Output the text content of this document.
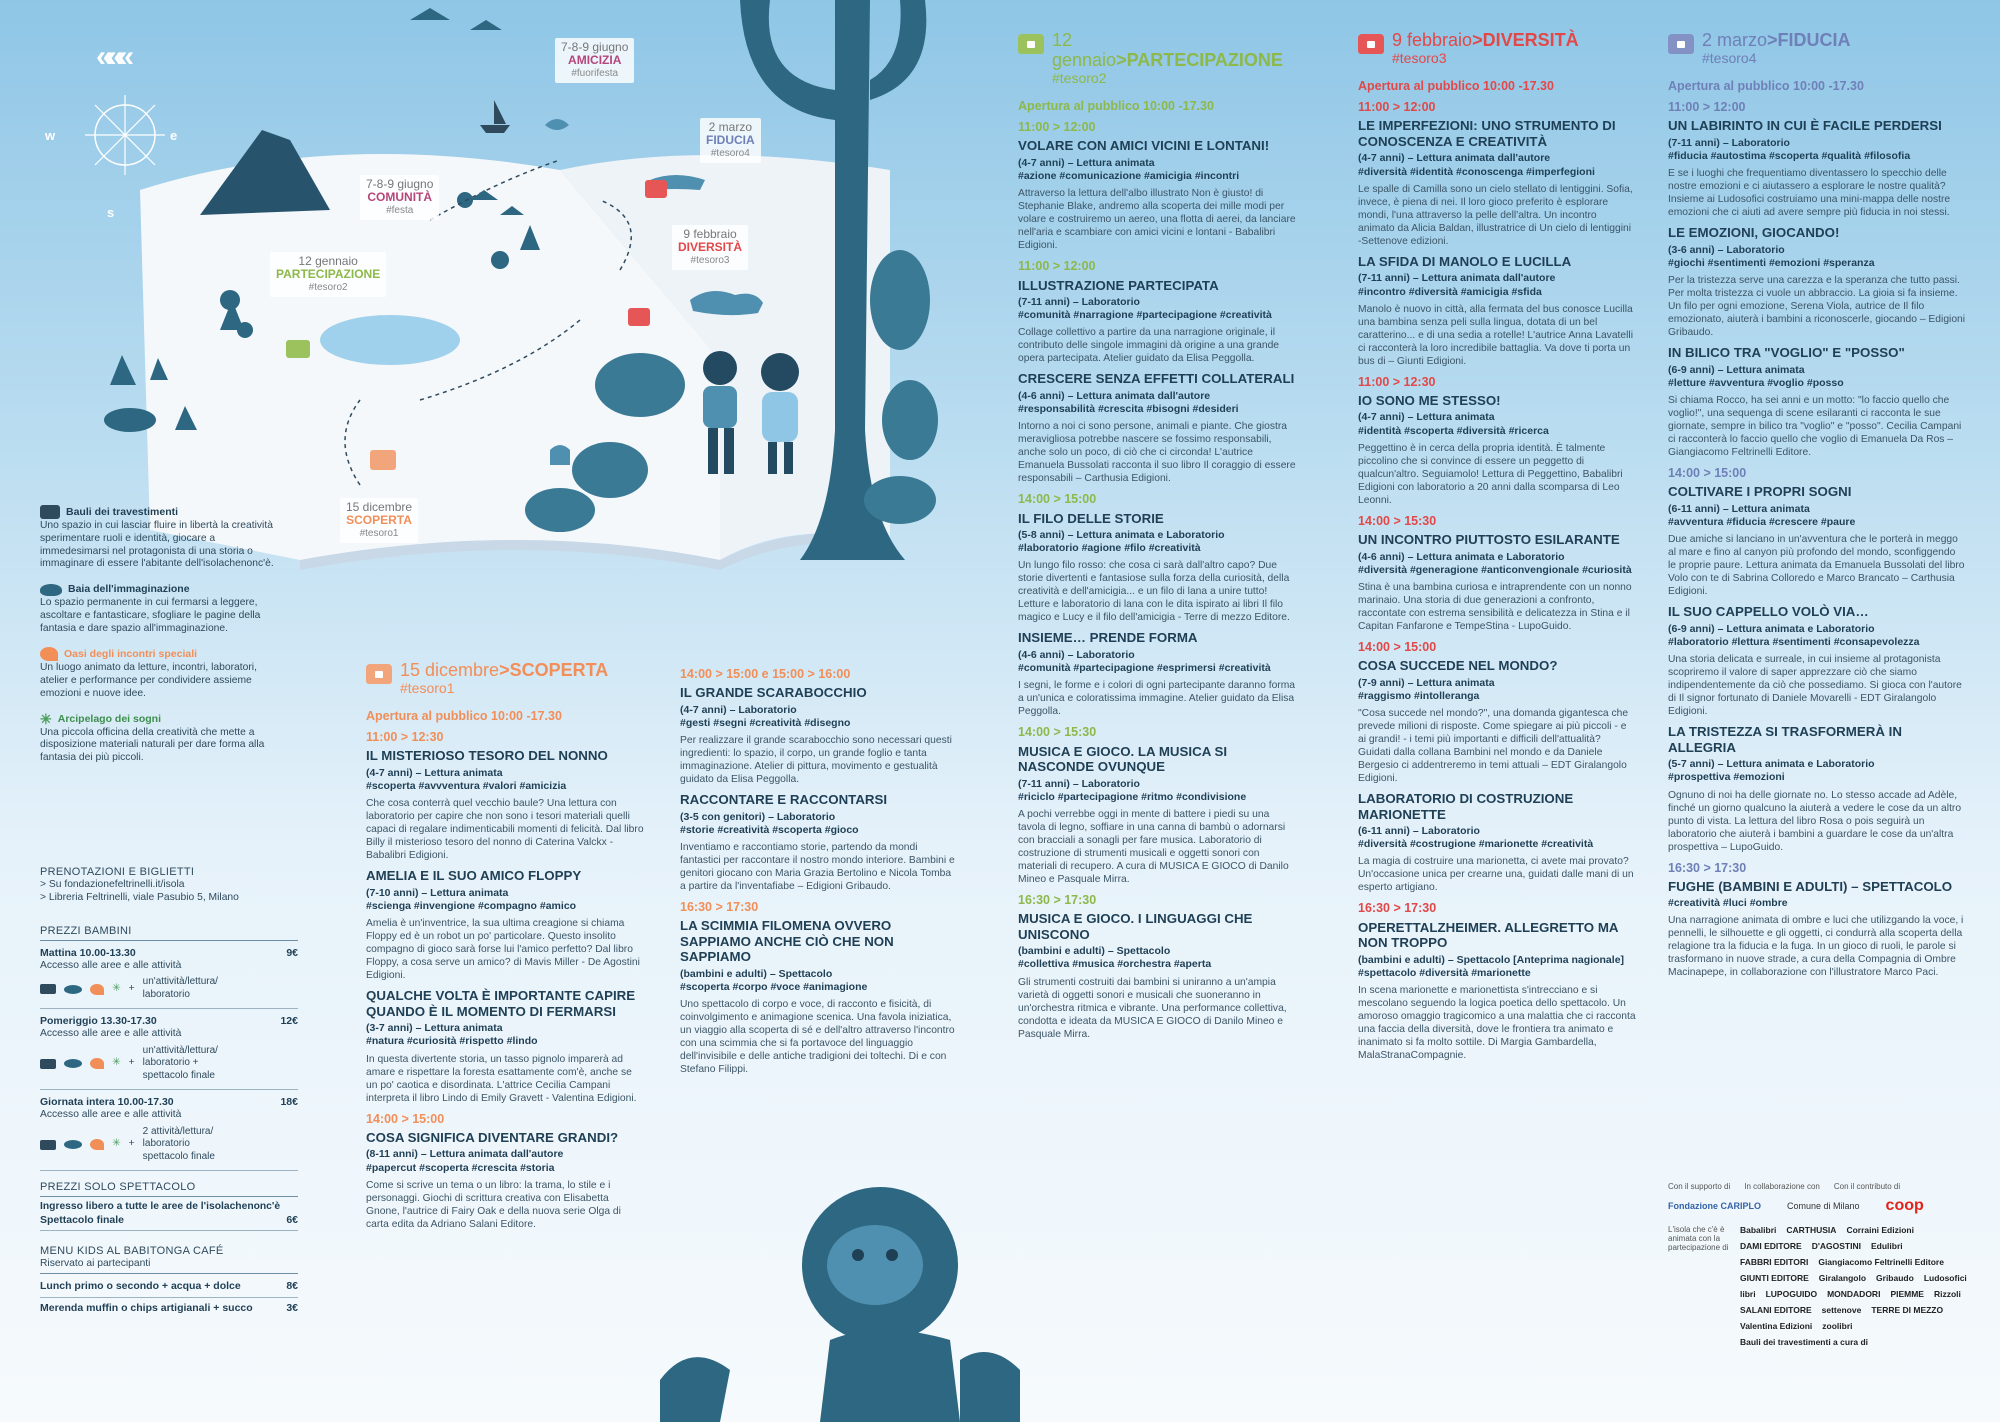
«««
w	e
s
7-8-9 giugno
AMICIZIA
#fuorifesta
2 marzo
FIDUCIA
#tesoro4
7-8-9 giugno
COMUNITÀ
#festa
9 febbraio
DIVERSITÀ
#tesoro3
12 gennaio
PARTECIPAZIONE
#tesoro2
15 dicembre
SCOPERTA
#tesoro1
Bauli dei travestimenti
Uno spazio in cui lasciar fluire in libertà la creatività sperimentare ruoli e identità, giocare a immedesimarsi nel protagonista di una storia o immaginare di essere l'abitante dell'isolachenonc'è.
Baia dell'immaginazione
Lo spazio permanente in cui fermarsi a leggere, ascoltare e fantasticare, sfogliare le pagine della fantasia e dare spazio all'immaginazione.
Oasi degli incontri speciali
Un luogo animato da letture, incontri, laboratori, atelier e performance per condividere assieme emozioni e nuove idee.
✳ Arcipelago dei sogni
Una piccola officina della creatività che mette a disposizione materiali naturali per dare forma alla fantasia dei più piccoli.
PRENOTAZIONI E BIGLIETTI
> Su fondazionefeltrinelli.it/isola
> Libreria Feltrinelli, viale Pasubio 5, Milano
PREZZI BAMBINI
Mattina 10.00-13.30	9€
Accesso alle aree e alle attività
✳ +
un'attività/lettura/ laboratorio
Pomeriggio 13.30-17.30	12€
Accesso alle aree e alle attività
✳ +
un'attività/lettura/ laboratorio + spettacolo finale
Giornata intera 10.00-17.30	18€
Accesso alle aree e alle attività
✳ +
2 attività/lettura/ laboratorio spettacolo finale
PREZZI SOLO SPETTACOLO
Ingresso libero a tutte le aree de l'isolachenonc'è
Spettacolo finale	6€
MENU KIDS AL BABITONGA CAFÉ
Riservato ai partecipanti
Lunch primo o secondo + acqua + dolce	8€
Merenda muffin o chips artigianali + succo	3€
15 dicembre>SCOPERTA
#tesoro1
Apertura al pubblico 10:00 -17.30
11:00 > 12:30
IL MISTERIOSO TESORO DEL NONNO
(4-7 anni) – Lettura animata
#scoperta #avvventura #valori #amicizia
Che cosa conterrà quel vecchio baule? Una lettura con laboratorio per capire che non sono i tesori materiali quelli capaci di regalare indimenticabili momenti di felicità. Dal libro Billy il misterioso tesoro del nonno di Caterina Valckx - Babalibri Edigioni.
AMELIA E IL SUO AMICO FLOPPY
(7-10 anni) – Lettura animata
#scienga #invengione #compagno #amico
Amelia è un'inventrice, la sua ultima creagione si chiama Floppy ed è un robot un po' particolare. Questo insolito compagno di gioco sarà forse lui l'amico perfetto? Dal libro Floppy, a cosa serve un amico? di Mavis Miller - De Agostini Edigioni.
QUALCHE VOLTA È IMPORTANTE CAPIRE QUANDO È IL MOMENTO DI FERMARSI
(3-7 anni) – Lettura animata
#natura #curiosità #rispetto #lindo
In questa divertente storia, un tasso pignolo imparerà ad amare e rispettare la foresta esattamente com'è, anche se un po' caotica e disordinata. L'attrice Cecilia Campani interpreta il libro Lindo di Emily Gravett - Valentina Edigioni.
14:00 > 15:00
COSA SIGNIFICA DIVENTARE GRANDI?
(8-11 anni) – Lettura animata dall'autore
#papercut #scoperta #crescita #storia
Come si scrive un tema o un libro: la trama, lo stile e i personaggi. Giochi di scrittura creativa con Elisabetta Gnone, l'autrice di Fairy Oak e della nuova serie Olga di carta edita da Adriano Salani Editore.
14:00 > 15:00 e 15:00 > 16:00
IL GRANDE SCARABOCCHIO
(4-7 anni) – Laboratorio
#gesti #segni #creatività #disegno
Per realizzare il grande scarabocchio sono necessari questi ingredienti: lo spazio, il corpo, un grande foglio e tanta immaginazione. Atelier di pittura, movimento e gestualità guidato da Elisa Peggolla.
RACCONTARE E RACCONTARSI
(3-5 con genitori) – Laboratorio
#storie #creatività #scoperta #gioco
Inventiamo e raccontiamo storie, partendo da mondi fantastici per raccontare il nostro mondo interiore. Bambini e genitori giocano con Maria Grazia Bertolino e Nicola Tomba a partire da l'inventafiabe – Edigioni Gribaudo.
16:30 > 17:30
LA SCIMMIA FILOMENA OVVERO SAPPIAMO ANCHE CIÒ CHE NON SAPPIAMO
(bambini e adulti) – Spettacolo
#scoperta #corpo #voce #animagione
Uno spettacolo di corpo e voce, di racconto e fisicità, di coinvolgimento e animagione scenica. Una favola iniziatica, un viaggio alla scoperta di sé e dell'altro attraverso l'incontro con una scimmia che si fa portavoce del linguaggio dell'invisibile e delle antiche tradigioni dei toltechi. Di e con Stefano Filippi.
12 gennaio>PARTECIPAZIONE
#tesoro2
Apertura al pubblico 10:00 -17.30
11:00 > 12:00
VOLARE CON AMICI VICINI E LONTANI!
(4-7 anni) – Lettura animata
#azione #comunicazione #amicigia #incontri
Attraverso la lettura dell'albo illustrato Non è giusto! di Stephanie Blake, andremo alla scoperta dei mille modi per volare e costruiremo un aereo, una flotta di aerei, da lanciare nell'aria e scambiare con amici vicini e lontani - Babalibri Edigioni.
11:00 > 12:00
ILLUSTRAZIONE PARTECIPATA
(7-11 anni) – Laboratorio
#comunità #narragione #partecipagione #creatività
Collage collettivo a partire da una narragione originale, il contributo delle singole immagini dà origine a una grande opera partecipata. Atelier guidato da Elisa Peggolla.
CRESCERE SENZA EFFETTI COLLATERALI
(4-6 anni) – Lettura animata dall'autore
#responsabilità #crescita #bisogni #desideri
Intorno a noi ci sono persone, animali e piante. Che giostra meravigliosa potrebbe nascere se fossimo responsabili, anche solo un poco, di ciò che ci circonda! L'autrice Emanuela Bussolati racconta il suo libro Il coraggio di essere responsabili – Carthusia Edigioni.
14:00 > 15:00
IL FILO DELLE STORIE
(5-8 anni) – Lettura animata e Laboratorio
#laboratorio #agione #filo #creatività
Un lungo filo rosso: che cosa ci sarà dall'altro capo? Due storie divertenti e fantasiose sulla forza della curiosità, della creatività e dell'amicigia... e un filo di lana a unire tutto! Letture e laboratorio di lana con le dita ispirato ai libri Il filo magico e Lucy e il filo dell'amicigia - Terre di mezzo Editore.
INSIEME… PRENDE FORMA
(4-6 anni) – Laboratorio
#comunità #partecipagione #esprimersi #creatività
I segni, le forme e i colori di ogni partecipante daranno forma a un'unica e coloratissima immagine. Atelier guidato da Elisa Peggolla.
14:00 > 15:30
MUSICA E GIOCO. LA MUSICA SI NASCONDE OVUNQUE
(7-11 anni) – Laboratorio
#riciclo #partecipagione #ritmo #condivisione
A pochi verrebbe oggi in mente di battere i piedi su una tavola di legno, soffiare in una canna di bambù o adornarsi con bracciali a sonagli per fare musica. Laboratorio di costruzione di strumenti musicali e oggetti sonori con materiali di recupero. A cura di MUSICA E GIOCO di Danilo Mineo e Pasquale Mirra.
16:30 > 17:30
MUSICA E GIOCO. I LINGUAGGI CHE UNISCONO
(bambini e adulti) – Spettacolo
#collettiva #musica #orchestra #aperta
Gli strumenti costruiti dai bambini si uniranno a un'ampia varietà di oggetti sonori e musicali che suoneranno in un'orchestra ritmica e vibrante. Una performance collettiva, condotta e ideata da MUSICA E GIOCO di Danilo Mineo e Pasquale Mirra.
9 febbraio>DIVERSITÀ
#tesoro3
Apertura al pubblico 10:00 -17.30
11:00 > 12:00
LE IMPERFEZIONI: UNO STRUMENTO DI CONOSCENZA E CREATIVITÀ
(4-7 anni) – Lettura animata dall'autore
#diversità #identità #conoscenga #imperfegioni
Le spalle di Camilla sono un cielo stellato di lentiggini. Sofia, invece, è piena di nei. Il loro gioco preferito è esplorare mondi, l'una attraverso la pelle dell'altra. Un incontro animato da Alicia Baldan, illustratrice di Un cielo di lentiggini -Settenove edizioni.
LA SFIDA DI MANOLO E LUCILLA
(7-11 anni) – Lettura animata dall'autore
#incontro #diversità #amicigia #sfida
Manolo è nuovo in città, alla fermata del bus conosce Lucilla una bambina senza peli sulla lingua, dotata di un bel caratterino... e di una sedia a rotelle! L'autrice Anna Lavatelli ci racconterà la loro incredibile battaglia. Va dove ti porta un bus di – Giunti Edigioni.
11:00 > 12:30
IO SONO ME STESSO!
(4-7 anni) – Lettura animata
#identità #scoperta #diversità #ricerca
Peggettino è in cerca della propria identità. È talmente piccolino che si convince di essere un peggetto di qualcun'altro. Seguiamolo! Lettura di Peggettino, Babalibri Edigioni con laboratorio a 20 anni dalla scomparsa di Leo Leonni.
14:00 > 15:30
UN INCONTRO PIUTTOSTO ESILARANTE
(4-6 anni) – Lettura animata e Laboratorio
#diversità #generagione #anticonvengionale #curiosità
Stina è una bambina curiosa e intraprendente con un nonno marinaio. Una storia di due generazioni a confronto, raccontate con estrema sensibilità e delicatezza in Stina e il Capitan Fanfarone e TempeStina - LupoGuido.
14:00 > 15:00
COSA SUCCEDE NEL MONDO?
(7-9 anni) – Lettura animata
#raggismo #intolleranga
"Cosa succede nel mondo?", una domanda gigantesca che prevede milioni di risposte. Come spiegare ai più piccoli - e ai grandi! - i temi più importanti e difficili dell'attualità? Guidati dalla collana Bambini nel mondo e da Daniele Bergesio ci addentreremo in temi attuali – EDT Giralangolo Edigioni.
LABORATORIO DI COSTRUZIONE MARIONETTE
(6-11 anni) – Laboratorio
#diversità #costrugione #marionette #creatività
La magia di costruire una marionetta, ci avete mai provato? Un'occasione unica per crearne una, guidati dalle mani di un esperto artigiano.
16:30 > 17:30
OPERETTALZHEIMER. ALLEGRETTO MA NON TROPPO
(bambini e adulti) – Spettacolo [Anteprima nagionale]
#spettacolo #diversità #marionette
In scena marionette e marionettista s'intrecciano e si mescolano seguendo la logica poetica dello spettacolo. Un amoroso omaggio tragicomico a una malattia che ci racconta una faccia della diversità, dove le frontiera tra animato e inanimato si fa molto sottile. Di Margia Gambardella, MalaStranaCompagnie.
2 marzo>FIDUCIA
#tesoro4
Apertura al pubblico 10:00 -17.30
11:00 > 12:00
UN LABIRINTO IN CUI È FACILE PERDERSI
(7-11 anni) – Laboratorio
#fiducia #autostima #scoperta #qualità #filosofia
E se i luoghi che frequentiamo diventassero lo specchio delle nostre emozioni e ci aiutassero a esplorare le nostre qualità? Insieme ai Ludosofici costruiamo una mini-mappa delle nostre emozioni che ci aiuti ad avere sempre più fiducia in noi stessi.
LE EMOZIONI, GIOCANDO!
(3-6 anni) – Laboratorio
#giochi #sentimenti #emozioni #speranza
Per la tristezza serve una carezza e la speranza che tutto passi. Per molta tristezza ci vuole un abbraccio. La gioia si fa insieme. Un filo per ogni emozione, Serena Viola, autrice de Il filo emozionato, aiuterà i bambini a riconoscerle, giocando – Edigioni Gribaudo.
IN BILICO TRA "VOGLIO" E "POSSO"
(6-9 anni) – Lettura animata
#letture #avventura #voglio #posso
Si chiama Rocco, ha sei anni e un motto: "lo faccio quello che voglio!", una sequenga di scene esilaranti ci racconta le sue giornate, sempre in bilico tra "voglio" e "posso". Cecilia Campani ci racconterà lo faccio quello che voglio di Emanuela Da Ros – Giangiacomo Feltrinelli Editore.
14:00 > 15:00
COLTIVARE I PROPRI SOGNI
(6-11 anni) – Lettura animata
#avventura #fiducia #crescere #paure
Due amiche si lanciano in un'avventura che le porterà in meggo al mare e fino al canyon più profondo del mondo, sconfiggendo le proprie paure. Lettura animata da Emanuela Bussolati del libro Volo con te di Sabrina Colloredo e Marco Brancato – Carthusia Edigioni.
IL SUO CAPPELLO VOLÒ VIA…
(6-9 anni) – Lettura animata e Laboratorio
#laboratorio #lettura #sentimenti #consapevolezza
Una storia delicata e surreale, in cui insieme al protagonista scopriremo il valore di saper apprezzare ciò che siamo indipendentemente da ciò che possediamo. Si gioca con l'autore di Il signor fortunato di Daniele Movarelli - EDT Giralangolo Edigioni.
LA TRISTEZZA SI TRASFORMERÀ IN ALLEGRIA
(5-7 anni) – Lettura animata e Laboratorio
#prospettiva #emozioni
Ognuno di noi ha delle giornate no. Lo stesso accade ad Adèle, finché un giorno qualcuno la aiuterà a vedere le cose da un altro punto di vista. La lettura del libro Rosa o pois seguirà un laboratorio che aiuterà i bambini a guardare le cose da un'altra prospettiva – LupoGuido.
16:30 > 17:30
FUGHE (BAMBINI E ADULTI) – SPETTACOLO
#creatività #luci #ombre
Una narragione animata di ombre e luci che utilizgando la voce, i pennelli, le silhouette e gli oggetti, ci condurrà alla scoperta della relagione tra la fiducia e la fuga. In un gioco di ruoli, le parole si trasformano in nuove strade, a cura della Compagnia di Ombre Macinapepe, in collaborazione con l'illustratore Marco Paci.
Con il supporto di In collaborazione con Con il contributo di
Fondazione CARIPLO	Comune di Milano coop
L'isola che c'è è animata con la partecipazione di
Babalibri CARTHUSIA Corraini Edizioni
DAMI EDITORE D'AGOSTINI Edulibri
FABBRI EDITORI Giangiacomo Feltrinelli Editore
GIUNTI EDITORE Giralangolo Gribaudo Ludosofici
libri LUPOGUIDO MONDADORI PIEMME Rizzoli
SALANI EDITORE settenove TERRE DI MEZZO
Valentina Edizioni zoolibri
Bauli dei travestimenti a cura di
